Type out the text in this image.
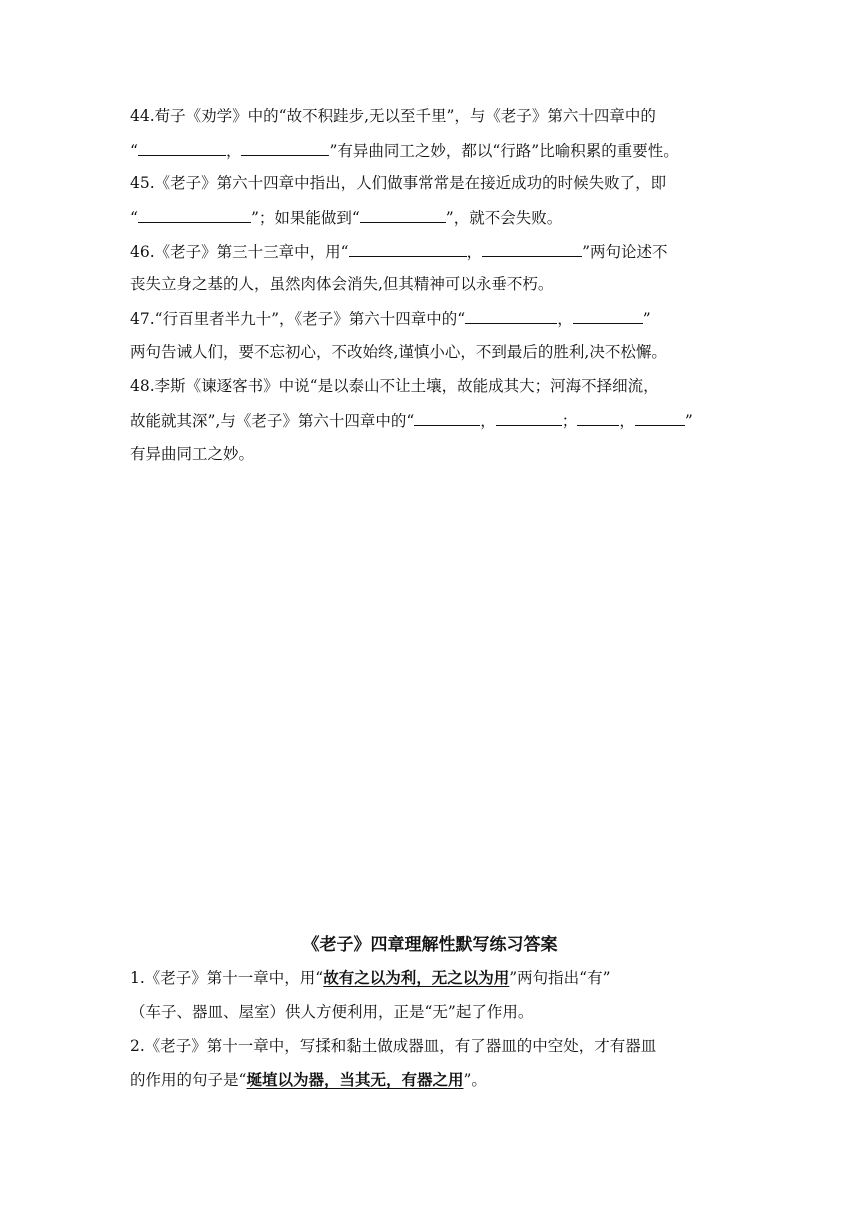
44.荀子《劝学》中的“故不积跬步,无以至千里”，与《老子》第六十四章中的
“	，	”有异曲同工之妙，都以“行路”比喻积累的重要性。
45.《老子》第六十四章中指出，人们做事常常是在接近成功的时候失败了，即
“	”；如果能做到“	”，就不会失败。
46.《老子》第三十三章中，用“	，	”两句论述不
丧失立身之基的人，虽然肉体会消失,但其精神可以永垂不朽。
47.“行百里者半九十”，《老子》第六十四章中的“	，	”
两句告诫人们，要不忘初心，不改始终,谨慎小心，不到最后的胜利,决不松懈。
48.李斯《谏逐客书》中说“是以泰山不让土壤，故能成其大；河海不择细流，
故能就其深”,与《老子》第六十四章中的“	，	；	，	”
有异曲同工之妙。
《老子》四章理解性默写练习答案
1.《老子》第十一章中，用“故有之以为利，无之以为用”两句指出“有”
（车子、器皿、屋室）供人方便利用，正是“无”起了作用。
2.《老子》第十一章中，写揉和黏土做成器皿，有了器皿的中空处，才有器皿
的作用的句子是“埏埴以为器，当其无，有器之用”。
